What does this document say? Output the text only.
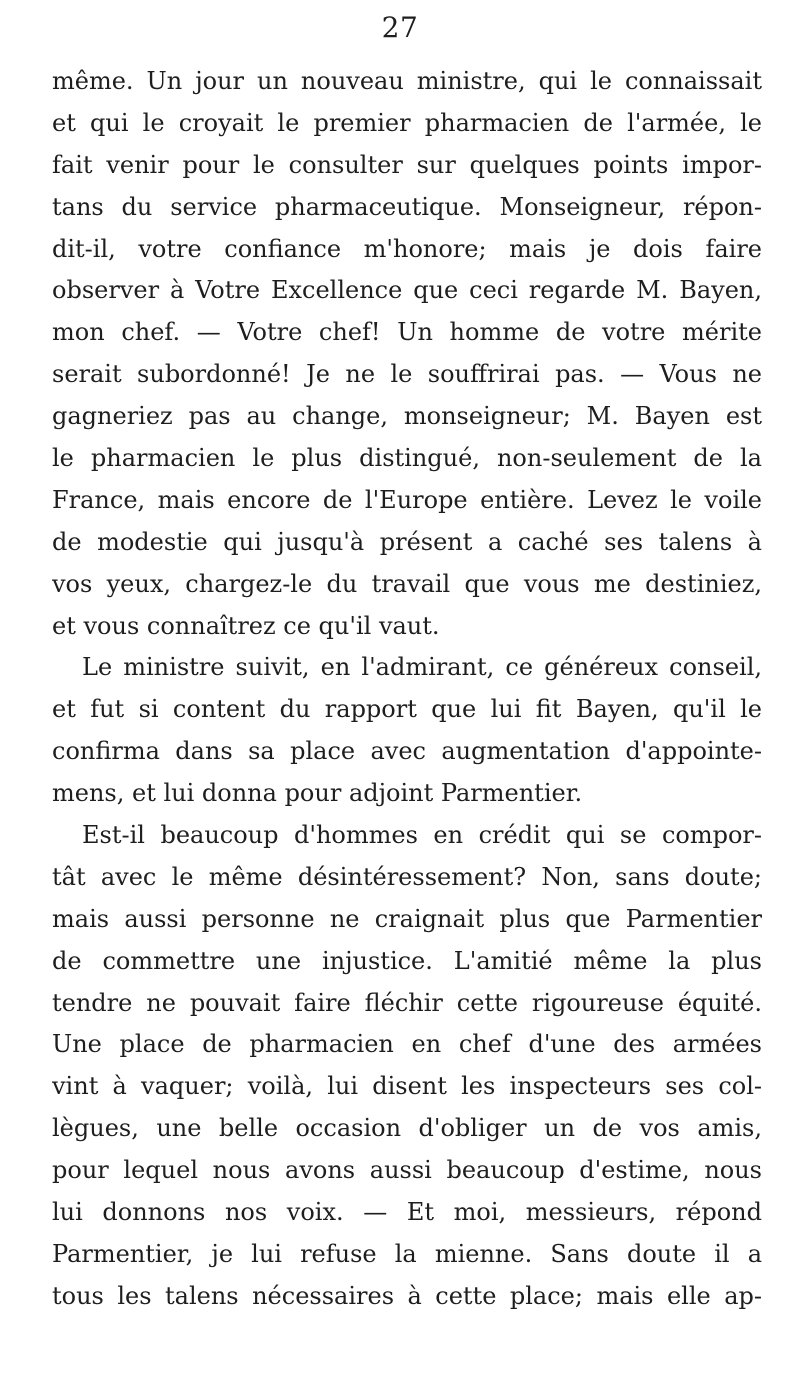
27
même. Un jour un nouveau ministre, qui le connaissait
et qui le croyait le premier pharmacien de l'armée, le
fait venir pour le consulter sur quelques points impor-
tans du service pharmaceutique. Monseigneur, répon-
dit-il, votre confiance m'honore; mais je dois faire
observer à Votre Excellence que ceci regarde M. Bayen,
mon chef. — Votre chef! Un homme de votre mérite
serait subordonné! Je ne le souffrirai pas. — Vous ne
gagneriez pas au change, monseigneur; M. Bayen est
le pharmacien le plus distingué, non-seulement de la
France, mais encore de l'Europe entière. Levez le voile
de modestie qui jusqu'à présent a caché ses talens à
vos yeux, chargez-le du travail que vous me destiniez,
et vous connaîtrez ce qu'il vaut.
Le ministre suivit, en l'admirant, ce généreux conseil,
et fut si content du rapport que lui fit Bayen, qu'il le
confirma dans sa place avec augmentation d'appointe-
mens, et lui donna pour adjoint Parmentier.
Est-il beaucoup d'hommes en crédit qui se compor-
tât avec le même désintéressement? Non, sans doute;
mais aussi personne ne craignait plus que Parmentier
de commettre une injustice. L'amitié même la plus
tendre ne pouvait faire fléchir cette rigoureuse équité.
Une place de pharmacien en chef d'une des armées
vint à vaquer; voilà, lui disent les inspecteurs ses col-
lègues, une belle occasion d'obliger un de vos amis,
pour lequel nous avons aussi beaucoup d'estime, nous
lui donnons nos voix. — Et moi, messieurs, répond
Parmentier, je lui refuse la mienne. Sans doute il a
tous les talens nécessaires à cette place; mais elle ap-
